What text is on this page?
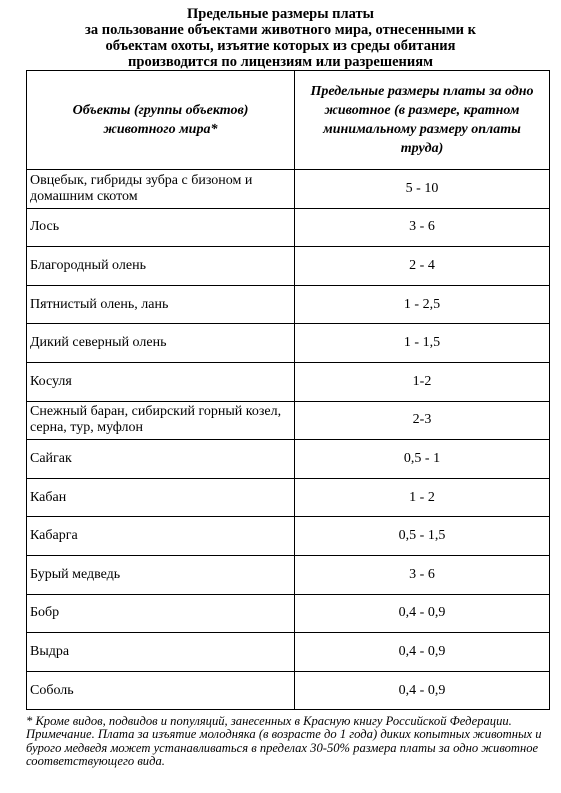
Предельные размеры платы
за пользование объектами животного мира, отнесенными к
объектам охоты, изъятие которых из среды обитания
производится по лицензиям или разрешениям
Объекты (группы объектов) животного мира*	Предельные размеры платы за одно животное (в размере, кратном минимальному размеру оплаты труда)
Овцебык, гибриды зубра с бизоном и домашним скотом	5 - 10
Лось	3 - 6
Благородный олень	2 - 4
Пятнистый олень, лань	1 - 2,5
Дикий северный олень	1 - 1,5
Косуля	1-2
Снежный баран, сибирский горный козел, серна, тур, муфлон	2-3
Сайгак	0,5 - 1
Кабан	1 - 2
Кабарга	0,5 - 1,5
Бурый медведь	3 - 6
Бобр	0,4 - 0,9
Выдра	0,4 - 0,9
Соболь	0,4 - 0,9
* Кроме видов, подвидов и популяций, занесенных в Красную книгу Российской Федерации.
Примечание. Плата за изъятие молодняка (в возрасте до 1 года) диких копытных животных и бурого медведя может устанавливаться в пределах 30-50% размера платы за одно животное соответствующего вида.
